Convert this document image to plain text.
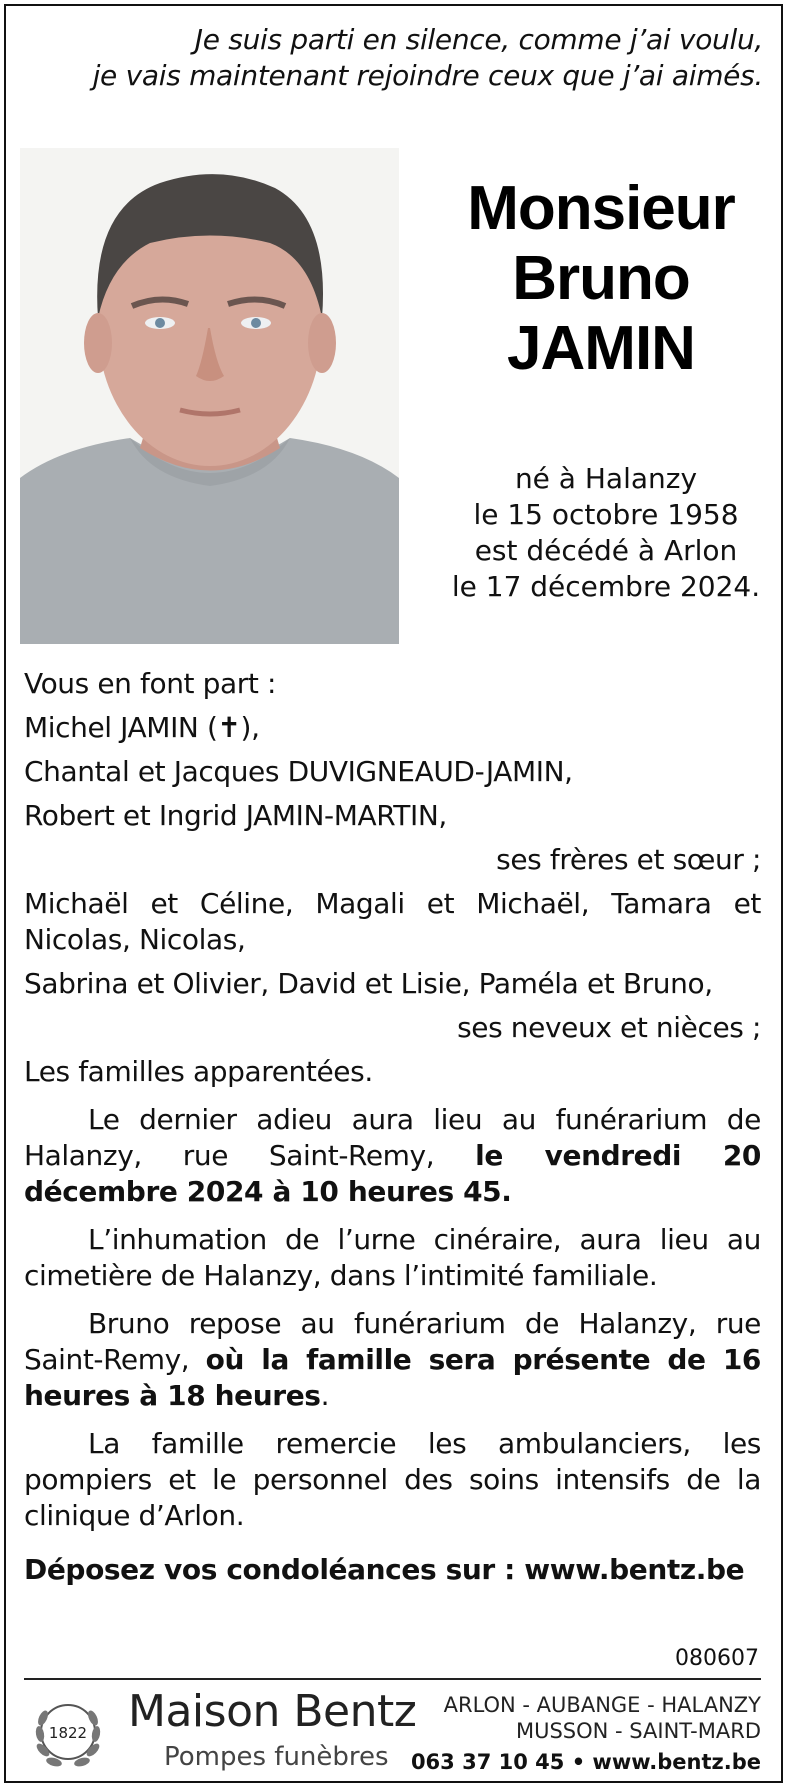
Je suis parti en silence, comme j’ai voulu,
je vais maintenant rejoindre ceux que j’ai aimés.
Monsieur
Bruno
JAMIN
né à Halanzy
le 15 octobre 1958
est décédé à Arlon
le 17 décembre 2024.

Vous en font part :

Michel JAMIN (✝),

Chantal et Jacques DUVIGNEAUD-JAMIN,

Robert et Ingrid JAMIN-MARTIN,

ses frères et sœur ;

Michaël et Céline, Magali et Michaël, Tamara et Nicolas, Nicolas,

Sabrina et Olivier, David et Lisie, Paméla et Bruno,

ses neveux et nièces ;

Les familles apparentées.

Le dernier adieu aura lieu au funérarium de Halanzy, rue Saint-Remy, le vendredi 20 décembre 2024 à 10 heures 45.

L’inhumation de l’urne cinéraire, aura lieu au cimetière de Halanzy, dans l’intimité familiale.

Bruno repose au funérarium de Halanzy, rue Saint-Remy, où la famille sera présente de 16 heures à 18 heures.

La famille remercie les ambulanciers, les pompiers et le personnel des soins intensifs de la clinique d’Arlon.

Déposez vos condoléances sur : www.bentz.be

080607
1822 Maison Bentz
Pompes funèbres
ARLON - AUBANGE - HALANZY
MUSSON - SAINT-MARD
063 37 10 45 • www.bentz.be
